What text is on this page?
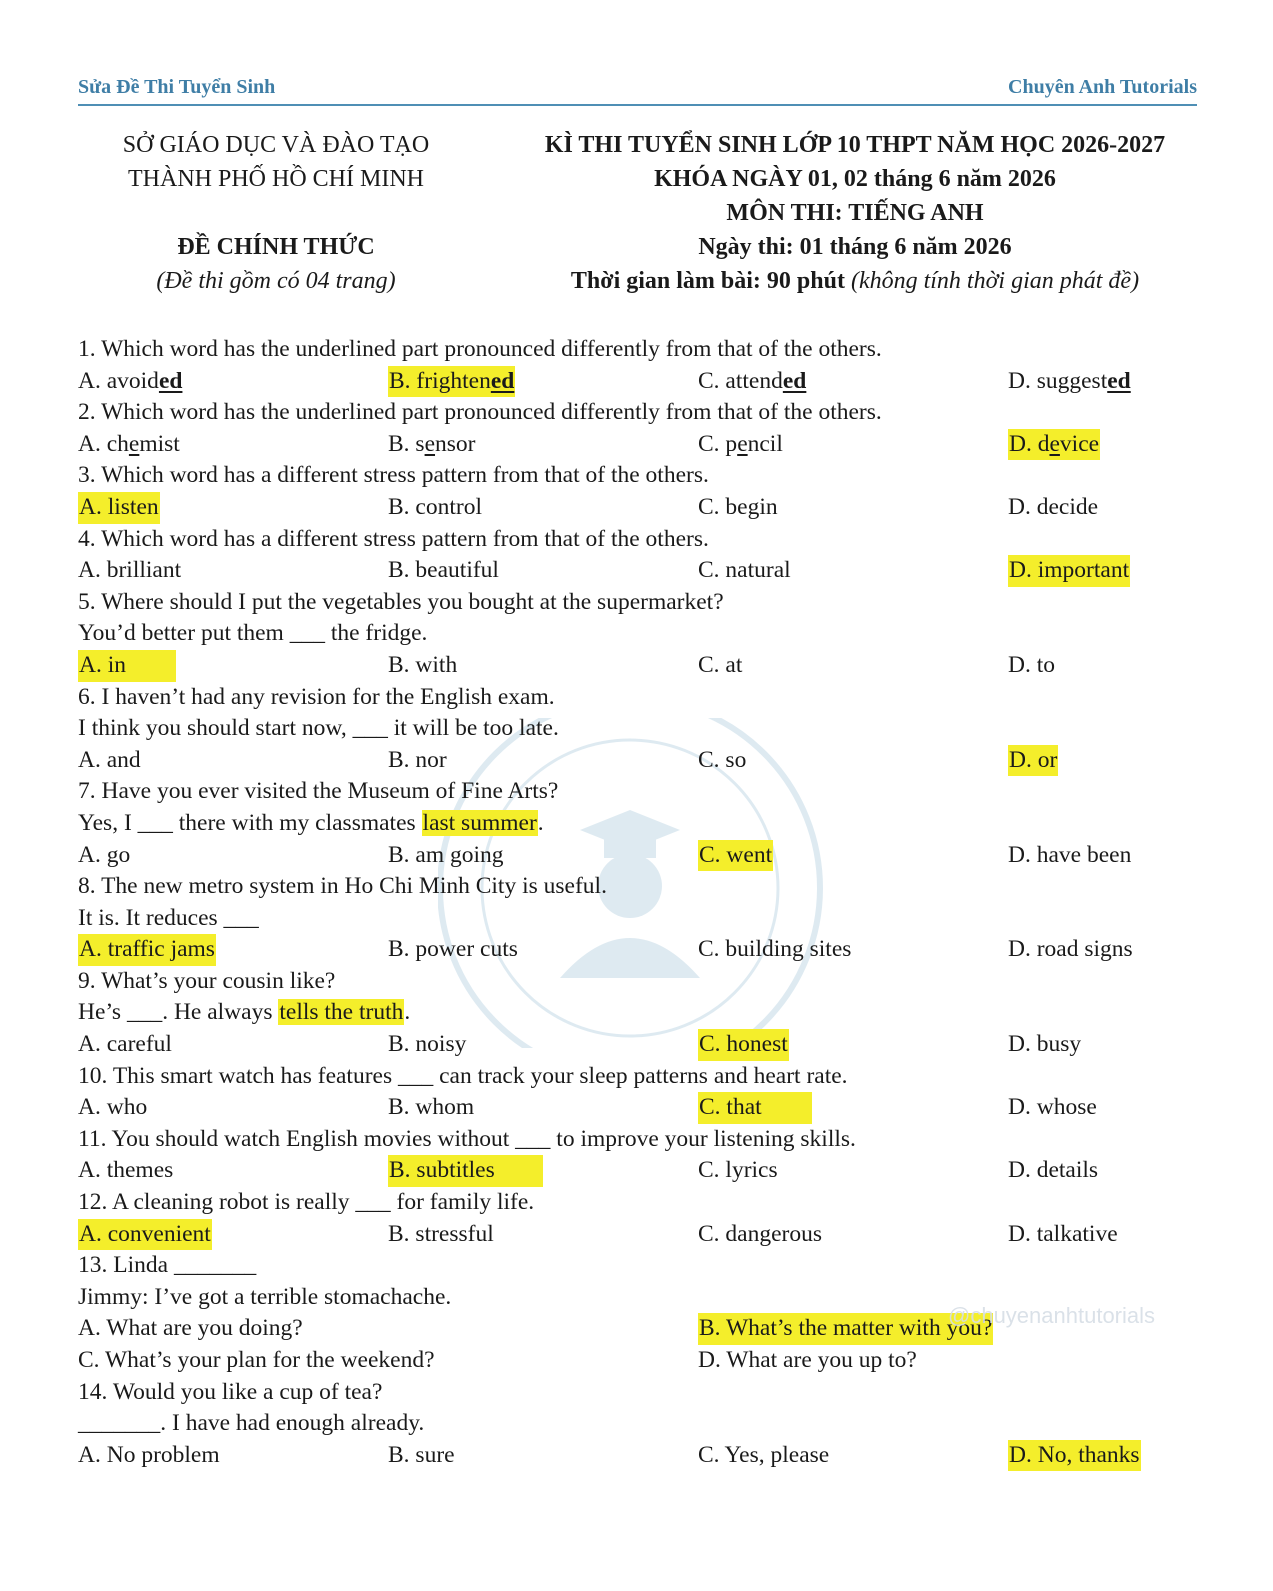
Sửa Đề Thi Tuyển Sinh	Chuyên Anh Tutorials
SỞ GIÁO DỤC VÀ ĐÀO TẠO
THÀNH PHỐ HỒ CHÍ MINH
ĐỀ CHÍNH THỨC
(Đề thi gồm có 04 trang)
KÌ THI TUYỂN SINH LỚP 10 THPT NĂM HỌC 2026-2027
KHÓA NGÀY 01, 02 tháng 6 năm 2026
MÔN THI: TIẾNG ANH
Ngày thi: 01 tháng 6 năm 2026
Thời gian làm bài: 90 phút (không tính thời gian phát đề)
1. Which word has the underlined part pronounced differently from that of the others.
A. avoided	B. frightened	C. attended	D. suggested
2. Which word has the underlined part pronounced differently from that of the others.
A. chemist	B. sensor	C. pencil	D. device
3. Which word has a different stress pattern from that of the others.
A. listen	B. control	C. begin	D. decide
4. Which word has a different stress pattern from that of the others.
A. brilliant	B. beautiful	C. natural	D. important
5. Where should I put the vegetables you bought at the supermarket?
You’d better put them ___ the fridge.
A. in	B. with	C. at	D. to
6. I haven’t had any revision for the English exam.
I think you should start now, ___ it will be too late.
A. and	B. nor	C. so	D. or
7. Have you ever visited the Museum of Fine Arts?
Yes, I ___ there with my classmates last summer.
A. go	B. am going	C. went	D. have been
8. The new metro system in Ho Chi Minh City is useful.
It is. It reduces ___
A. traffic jams	B. power cuts	C. building sites	D. road signs
9. What’s your cousin like?
He’s ___. He always tells the truth.
A. careful	B. noisy	C. honest	D. busy
10. This smart watch has features ___ can track your sleep patterns and heart rate.
A. who	B. whom	C. that	D. whose
11. You should watch English movies without ___ to improve your listening skills.
A. themes	B. subtitles	C. lyrics	D. details
12. A cleaning robot is really ___ for family life.
A. convenient	B. stressful	C. dangerous	D. talkative
13. Linda _______
Jimmy: I’ve got a terrible stomachache.
A. What are you doing?	B. What’s the matter with you?
C. What’s your plan for the weekend?	D. What are you up to?
14. Would you like a cup of tea?
_______. I have had enough already.
A. No problem	B. sure	C. Yes, please	D. No, thanks
@chuyenanhtutorials
